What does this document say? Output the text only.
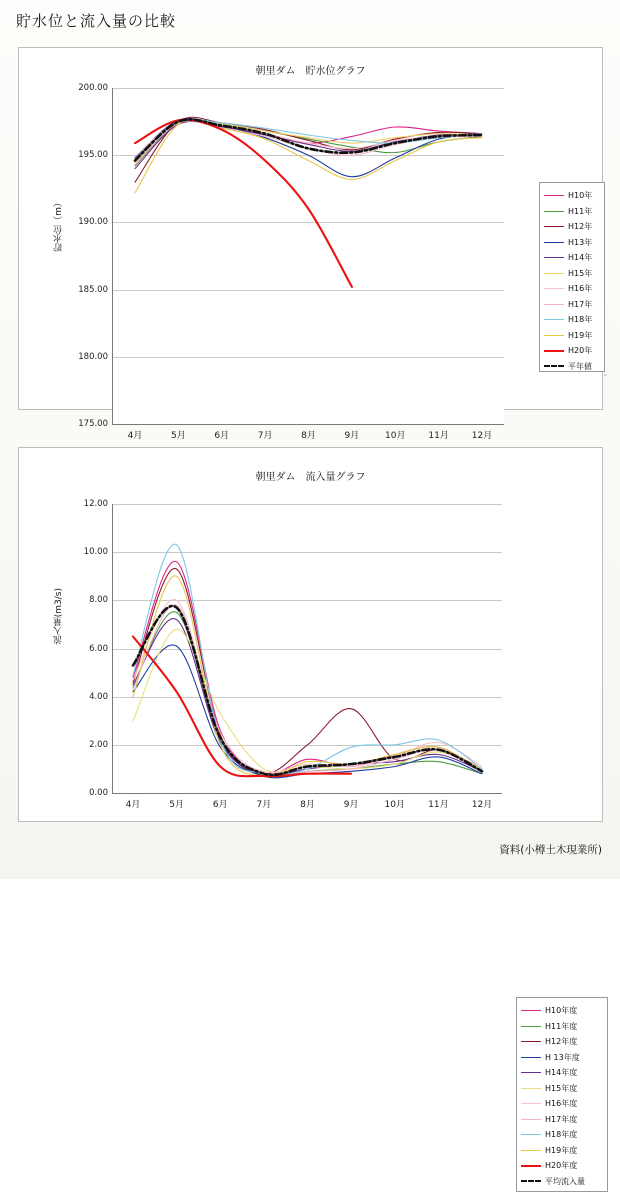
貯水位と流入量の比較
朝里ダム　貯水位グラフ
貯水位（m）
175.00
180.00
185.00
190.00
195.00
200.00
4月	5月	6月	7月	8月	9月	10月	11月	12月
H10年
H11年
H12年
H13年
H14年
H15年
H16年
H17年
H18年
H19年
H20年
平年値
朝里ダム　流入量グラフ
流入量(m3/s)
0.00
2.00
4.00
6.00
8.00
10.00
12.00
4月	5月	6月	7月	8月	9月	10月	11月	12月
H10年度
H11年度
H12年度
H 13年度
H14年度
H15年度
H16年度
H17年度
H18年度
H19年度
H20年度
平均流入量
資料(小樽土木現業所)
